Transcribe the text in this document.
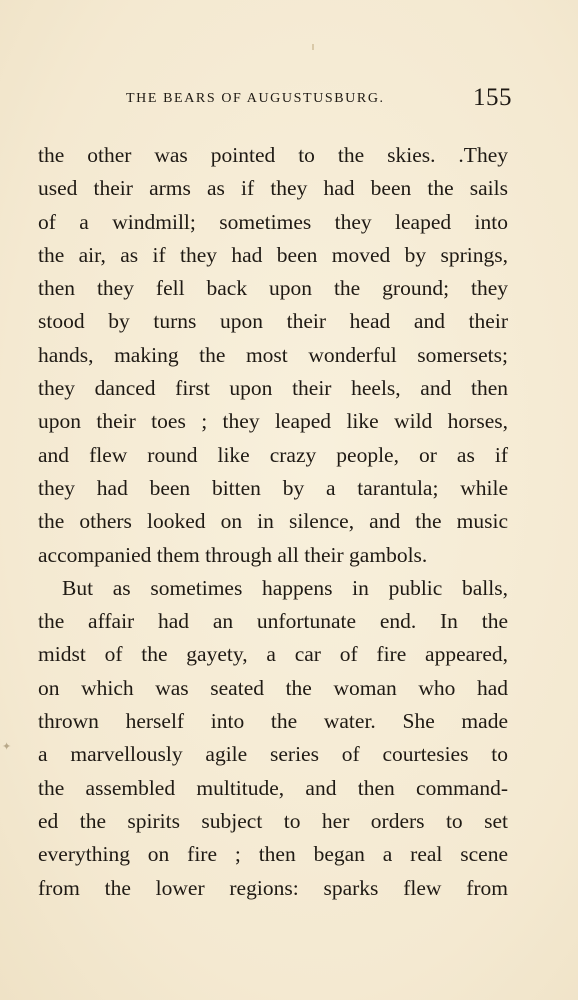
THE BEARS OF AUGUSTUSBURG.	155
the other was pointed to the skies. .They
used their arms as if they had been the sails
of a windmill; sometimes they leaped into
the air, as if they had been moved by springs,
then they fell back upon the ground; they
stood by turns upon their head and their
hands, making the most wonderful somersets;
they danced first upon their heels, and then
upon their toes ; they leaped like wild horses,
and flew round like crazy people, or as if
they had been bitten by a tarantula; while
the others looked on in silence, and the music
accompanied them through all their gambols.
But as sometimes happens in public balls,
the affair had an unfortunate end. In the
midst of the gayety, a car of fire appeared,
on which was seated the woman who had
thrown herself into the water. She made
a marvellously agile series of courtesies to
the assembled multitude, and then command-
ed the spirits subject to her orders to set
everything on fire ; then began a real scene
from the lower regions: sparks flew from
✦
